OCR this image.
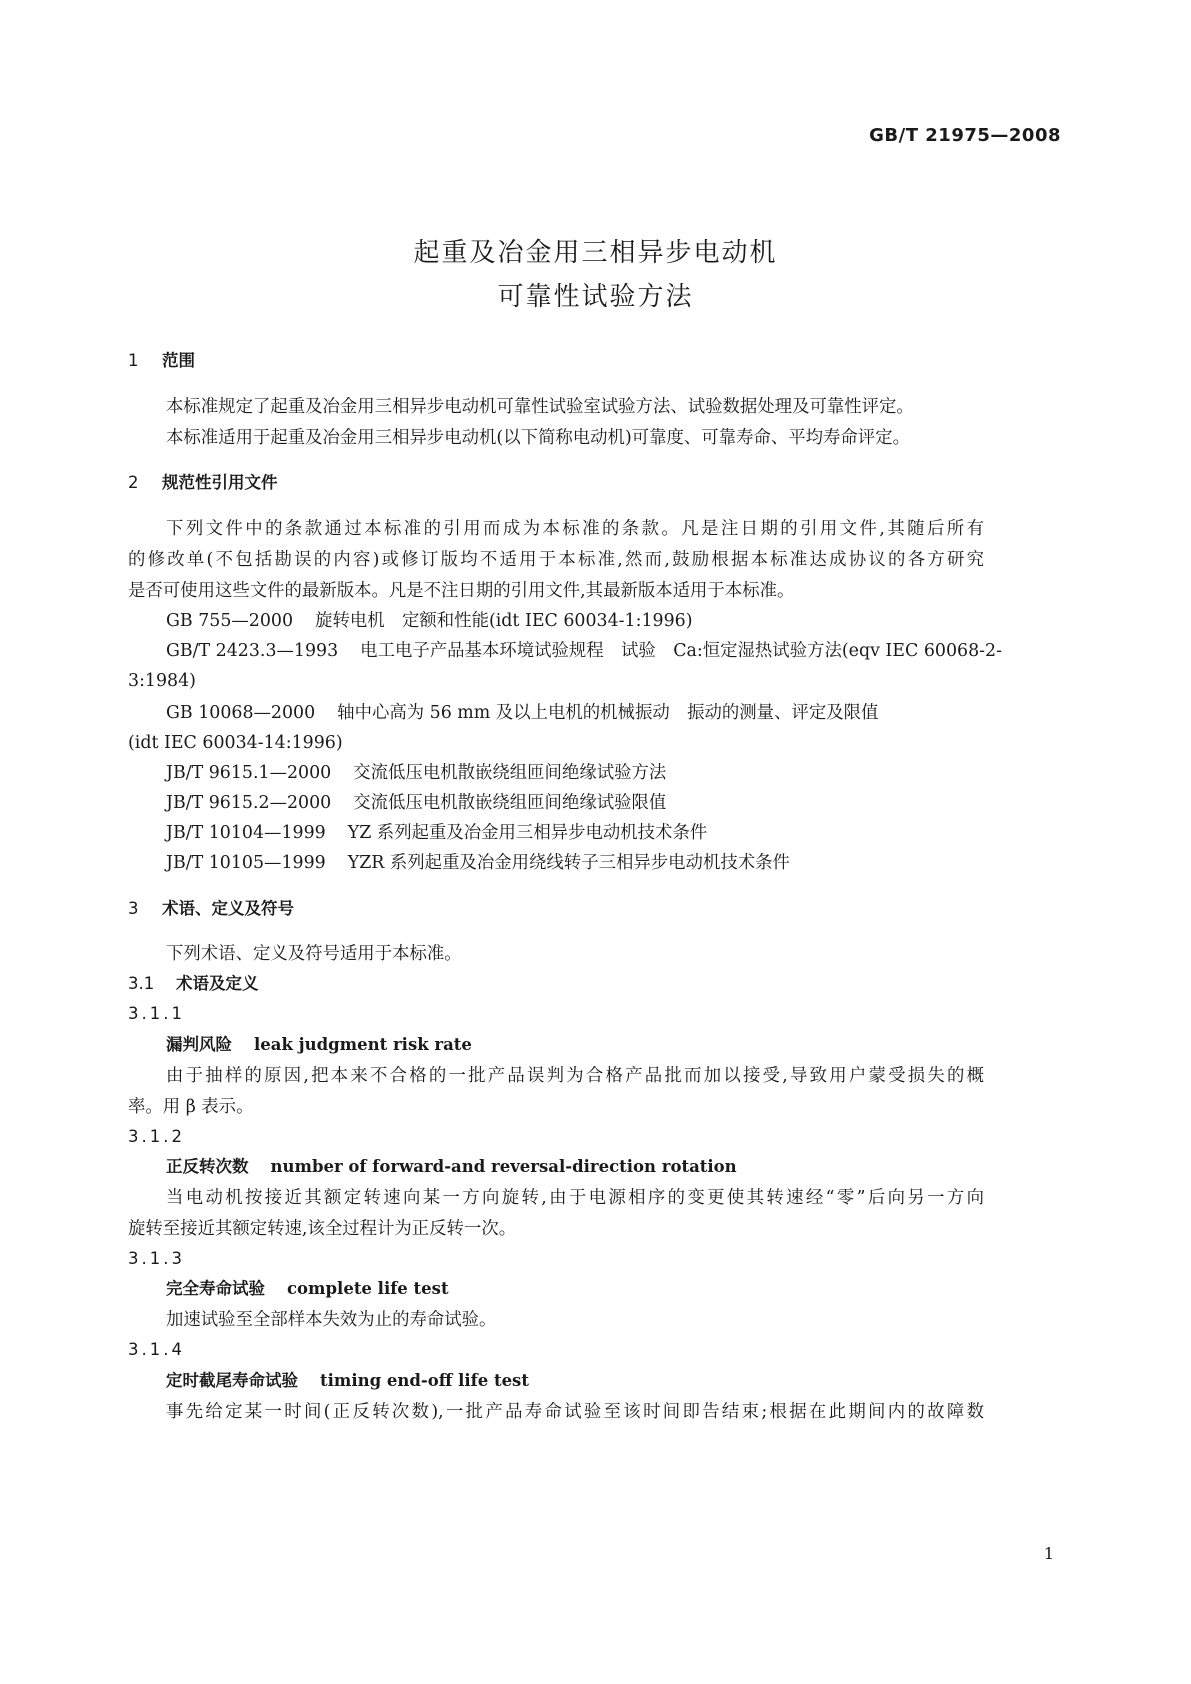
GB/T 21975—2008
起重及冶金用三相异步电动机
可靠性试验方法
1 范围
本标准规定了起重及冶金用三相异步电动机可靠性试验室试验方法、试验数据处理及可靠性评定。
本标准适用于起重及冶金用三相异步电动机(以下简称电动机)可靠度、可靠寿命、平均寿命评定。
2 规范性引用文件
下列文件中的条款通过本标准的引用而成为本标准的条款。凡是注日期的引用文件,其随后所有
的修改单(不包括勘误的内容)或修订版均不适用于本标准,然而,鼓励根据本标准达成协议的各方研究
是否可使用这些文件的最新版本。凡是不注日期的引用文件,其最新版本适用于本标准。
GB 755—2000 旋转电机　定额和性能(idt IEC 60034-1:1996)
GB/T 2423.3—1993 电工电子产品基本环境试验规程　试验　Ca:恒定湿热试验方法(eqv IEC 60068-2-
3:1984)
GB 10068—2000 轴中心高为 56 mm 及以上电机的机械振动　振动的测量、评定及限值
(idt IEC 60034-14:1996)
JB/T 9615.1—2000 交流低压电机散嵌绕组匝间绝缘试验方法
JB/T 9615.2—2000 交流低压电机散嵌绕组匝间绝缘试验限值
JB/T 10104—1999 YZ 系列起重及冶金用三相异步电动机技术条件
JB/T 10105—1999 YZR 系列起重及冶金用绕线转子三相异步电动机技术条件
3 术语、定义及符号
下列术语、定义及符号适用于本标准。
3.1 术语及定义
3.1.1
漏判风险 leak judgment risk rate
由于抽样的原因,把本来不合格的一批产品误判为合格产品批而加以接受,导致用户蒙受损失的概
率。用 β 表示。
3.1.2
正反转次数 number of forward-and reversal-direction rotation
当电动机按接近其额定转速向某一方向旋转,由于电源相序的变更使其转速经“零”后向另一方向
旋转至接近其额定转速,该全过程计为正反转一次。
3.1.3
完全寿命试验 complete life test
加速试验至全部样本失效为止的寿命试验。
3.1.4
定时截尾寿命试验 timing end-off life test
事先给定某一时间(正反转次数),一批产品寿命试验至该时间即告结束;根据在此期间内的故障数
1
